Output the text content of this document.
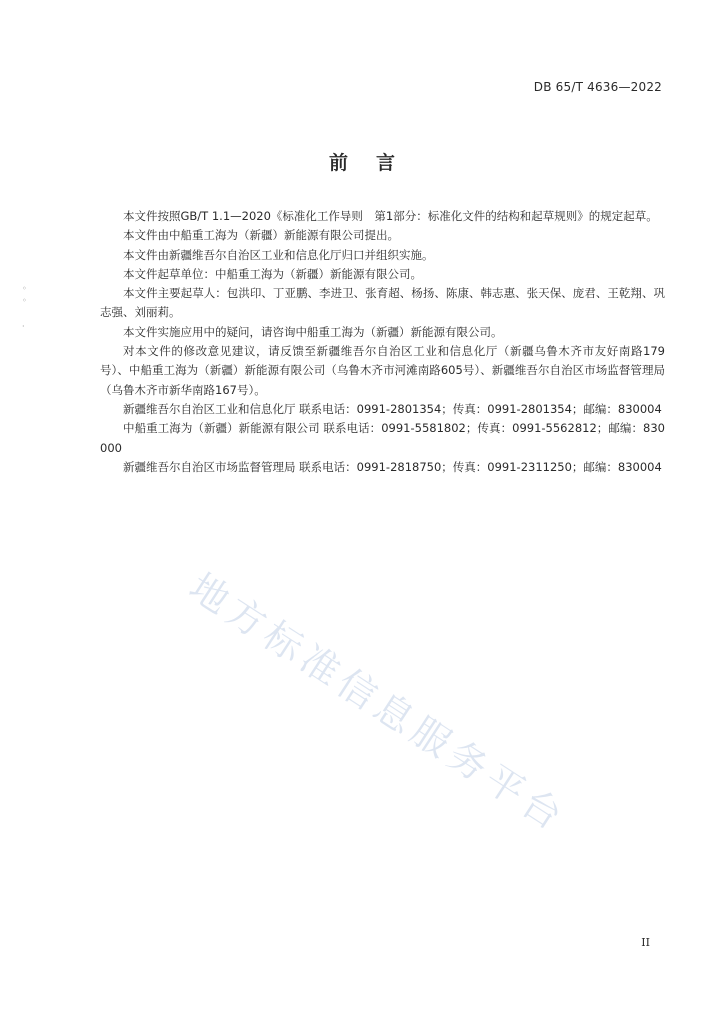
DB 65/T 4636—2022
前言
◦
◦
·

本文件按照GB/T 1.1—2020《标准化工作导则　第1部分：标准化文件的结构和起草规则》的规定起草。

本文件由中船重工海为（新疆）新能源有限公司提出。

本文件由新疆维吾尔自治区工业和信息化厅归口并组织实施。

本文件起草单位：中船重工海为（新疆）新能源有限公司。

本文件主要起草人：包洪印、丁亚鹏、李进卫、张育超、杨扬、陈康、韩志惠、张天保、庞君、王乾翔、巩志强、刘丽莉。

本文件实施应用中的疑问，请咨询中船重工海为（新疆）新能源有限公司。

对本文件的修改意见建议，请反馈至新疆维吾尔自治区工业和信息化厅（新疆乌鲁木齐市友好南路179号）、中船重工海为（新疆）新能源有限公司（乌鲁木齐市河滩南路605号）、新疆维吾尔自治区市场监督管理局（乌鲁木齐市新华南路167号）。

新疆维吾尔自治区工业和信息化厅 联系电话：0991-2801354；传真：0991-2801354；邮编：830004

中船重工海为（新疆）新能源有限公司 联系电话：0991-5581802；传真：0991-5562812；邮编：830000

新疆维吾尔自治区市场监督管理局 联系电话：0991-2818750；传真：0991-2311250；邮编：830004

地方标准信息服务平台
II
